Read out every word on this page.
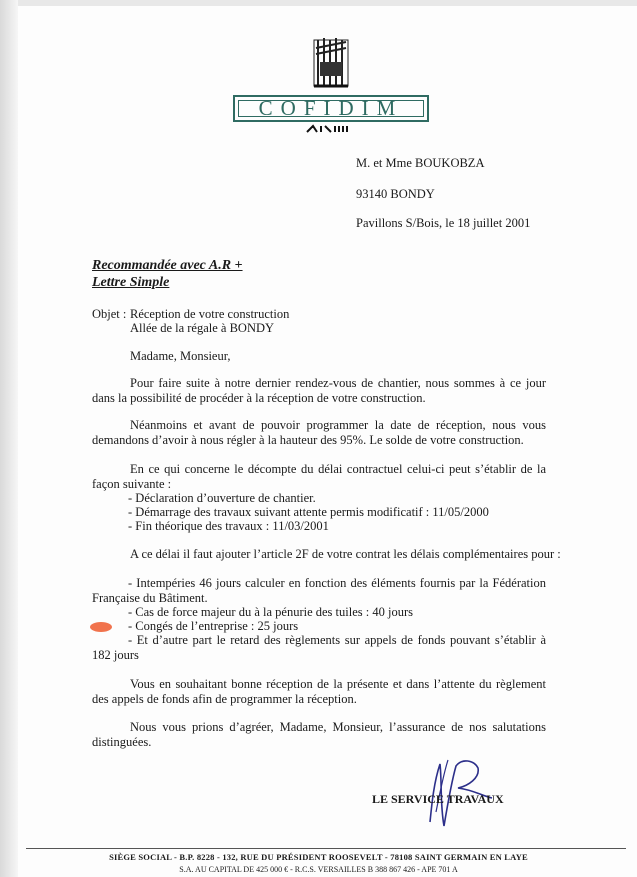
COFIDIM
M. et Mme BOUKOBZA
93140 BONDY
Pavillons S/Bois, le 18 juillet 2001
Recommandée avec A.R +
Lettre Simple
Objet : Réception de votre construction
Allée de la régale à BONDY
Madame, Monsieur,
Pour faire suite à notre dernier rendez-vous de chantier, nous sommes à ce jour dans la possibilité de procéder à la réception de votre construction.
Néanmoins et avant de pouvoir programmer la date de réception, nous vous demandons d’avoir à nous régler à la hauteur des 95%. Le solde de votre construction.
En ce qui concerne le décompte du délai contractuel celui-ci peut s’établir de la façon suivante :
- Déclaration d’ouverture de chantier.
- Démarrage des travaux suivant attente permis modificatif : 11/05/2000
- Fin théorique des travaux : 11/03/2001
A ce délai il faut ajouter l’article 2F de votre contrat les délais complémentaires pour :
- Intempéries 46 jours calculer en fonction des éléments fournis par la Fédération Française du Bâtiment.
- Cas de force majeur du à la pénurie des tuiles : 40 jours
- Congés de l’entreprise : 25 jours
- Et d’autre part le retard des règlements sur appels de fonds pouvant s’établir à 182 jours
Vous en souhaitant bonne réception de la présente et dans l’attente du règlement des appels de fonds afin de programmer la réception.
Nous vous prions d’agréer, Madame, Monsieur, l’assurance de nos salutations distinguées.
LE SERVICE TRAVAUX
SIÈGE SOCIAL - B.P. 8228 - 132, RUE DU PRÉSIDENT ROOSEVELT - 78108 SAINT GERMAIN EN LAYE
S.A. AU CAPITAL DE 425 000 € - R.C.S. VERSAILLES B 388 867 426 - APE 701 A
